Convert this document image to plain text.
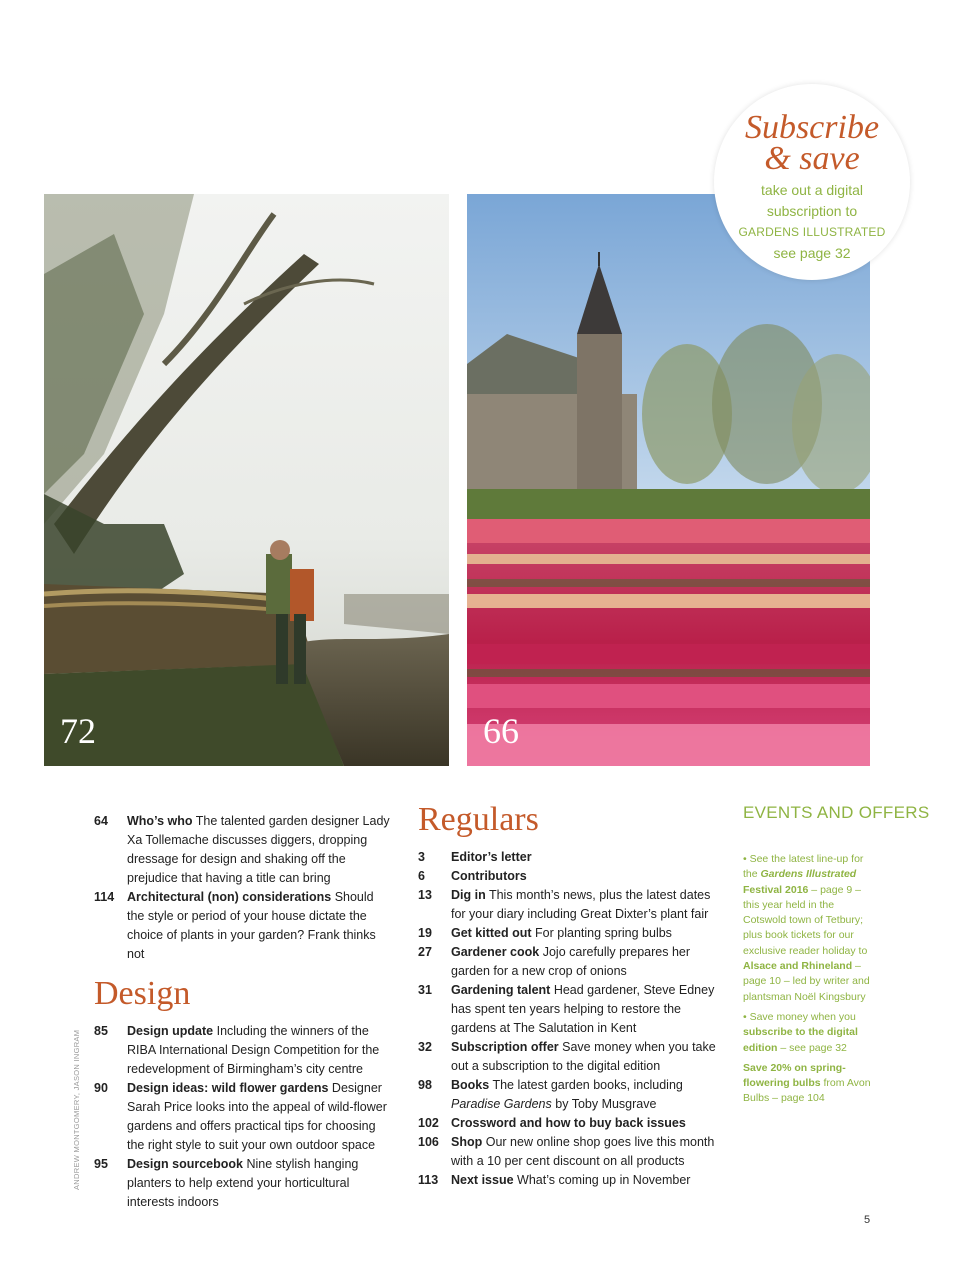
72	66
Subscribe
& save
take out a digital
subscription to
GARDENS ILLUSTRATED
see page 32
64	Who’s who The talented garden designer Lady Xa Tollemache discusses diggers, dropping dressage for design and shaking off the prejudice that having a title can bring
114	Architectural (non) considerations Should the style or period of your house dictate the choice of plants in your garden? Frank thinks not
Design
85	Design update Including the winners of the RIBA International Design Competition for the redevelopment of Birmingham’s city centre
90	Design ideas: wild flower gardens Designer Sarah Price looks into the appeal of wild-flower gardens and offers practical tips for choosing the right style to suit your own outdoor space
95	Design sourcebook Nine stylish hanging planters to help extend your horticultural interests indoors
Regulars
3	Editor’s letter
6	Contributors
13	Dig in This month’s news, plus the latest dates for your diary including Great Dixter’s plant fair
19	Get kitted out For planting spring bulbs
27	Gardener cook Jojo carefully prepares her garden for a new crop of onions
31	Gardening talent Head gardener, Steve Edney has spent ten years helping to restore the gardens at The Salutation in Kent
32	Subscription offer Save money when you take out a subscription to the digital edition
98	Books The latest garden books, including
Paradise Gardens by Toby Musgrave
102 Crossword and how to buy back issues
106 Shop Our new online shop goes live this month with a 10 per cent discount on all products
113	Next issue What’s coming up in November
EVENTS AND OFFERS

• See the latest line-up for the Gardens Illustrated Festival 2016 – page 9 – this year held in the Cotswold town of Tetbury; plus book tickets for our exclusive reader holiday to Alsace and Rhineland – page 10 – led by writer and plantsman Noël Kingsbury

• Save money when you subscribe to the digital edition – see page 32

Save 20% on spring-flowering bulbs from Avon Bulbs – page 104

ANDREW MONTGOMERY, JASON INGRAM
5
